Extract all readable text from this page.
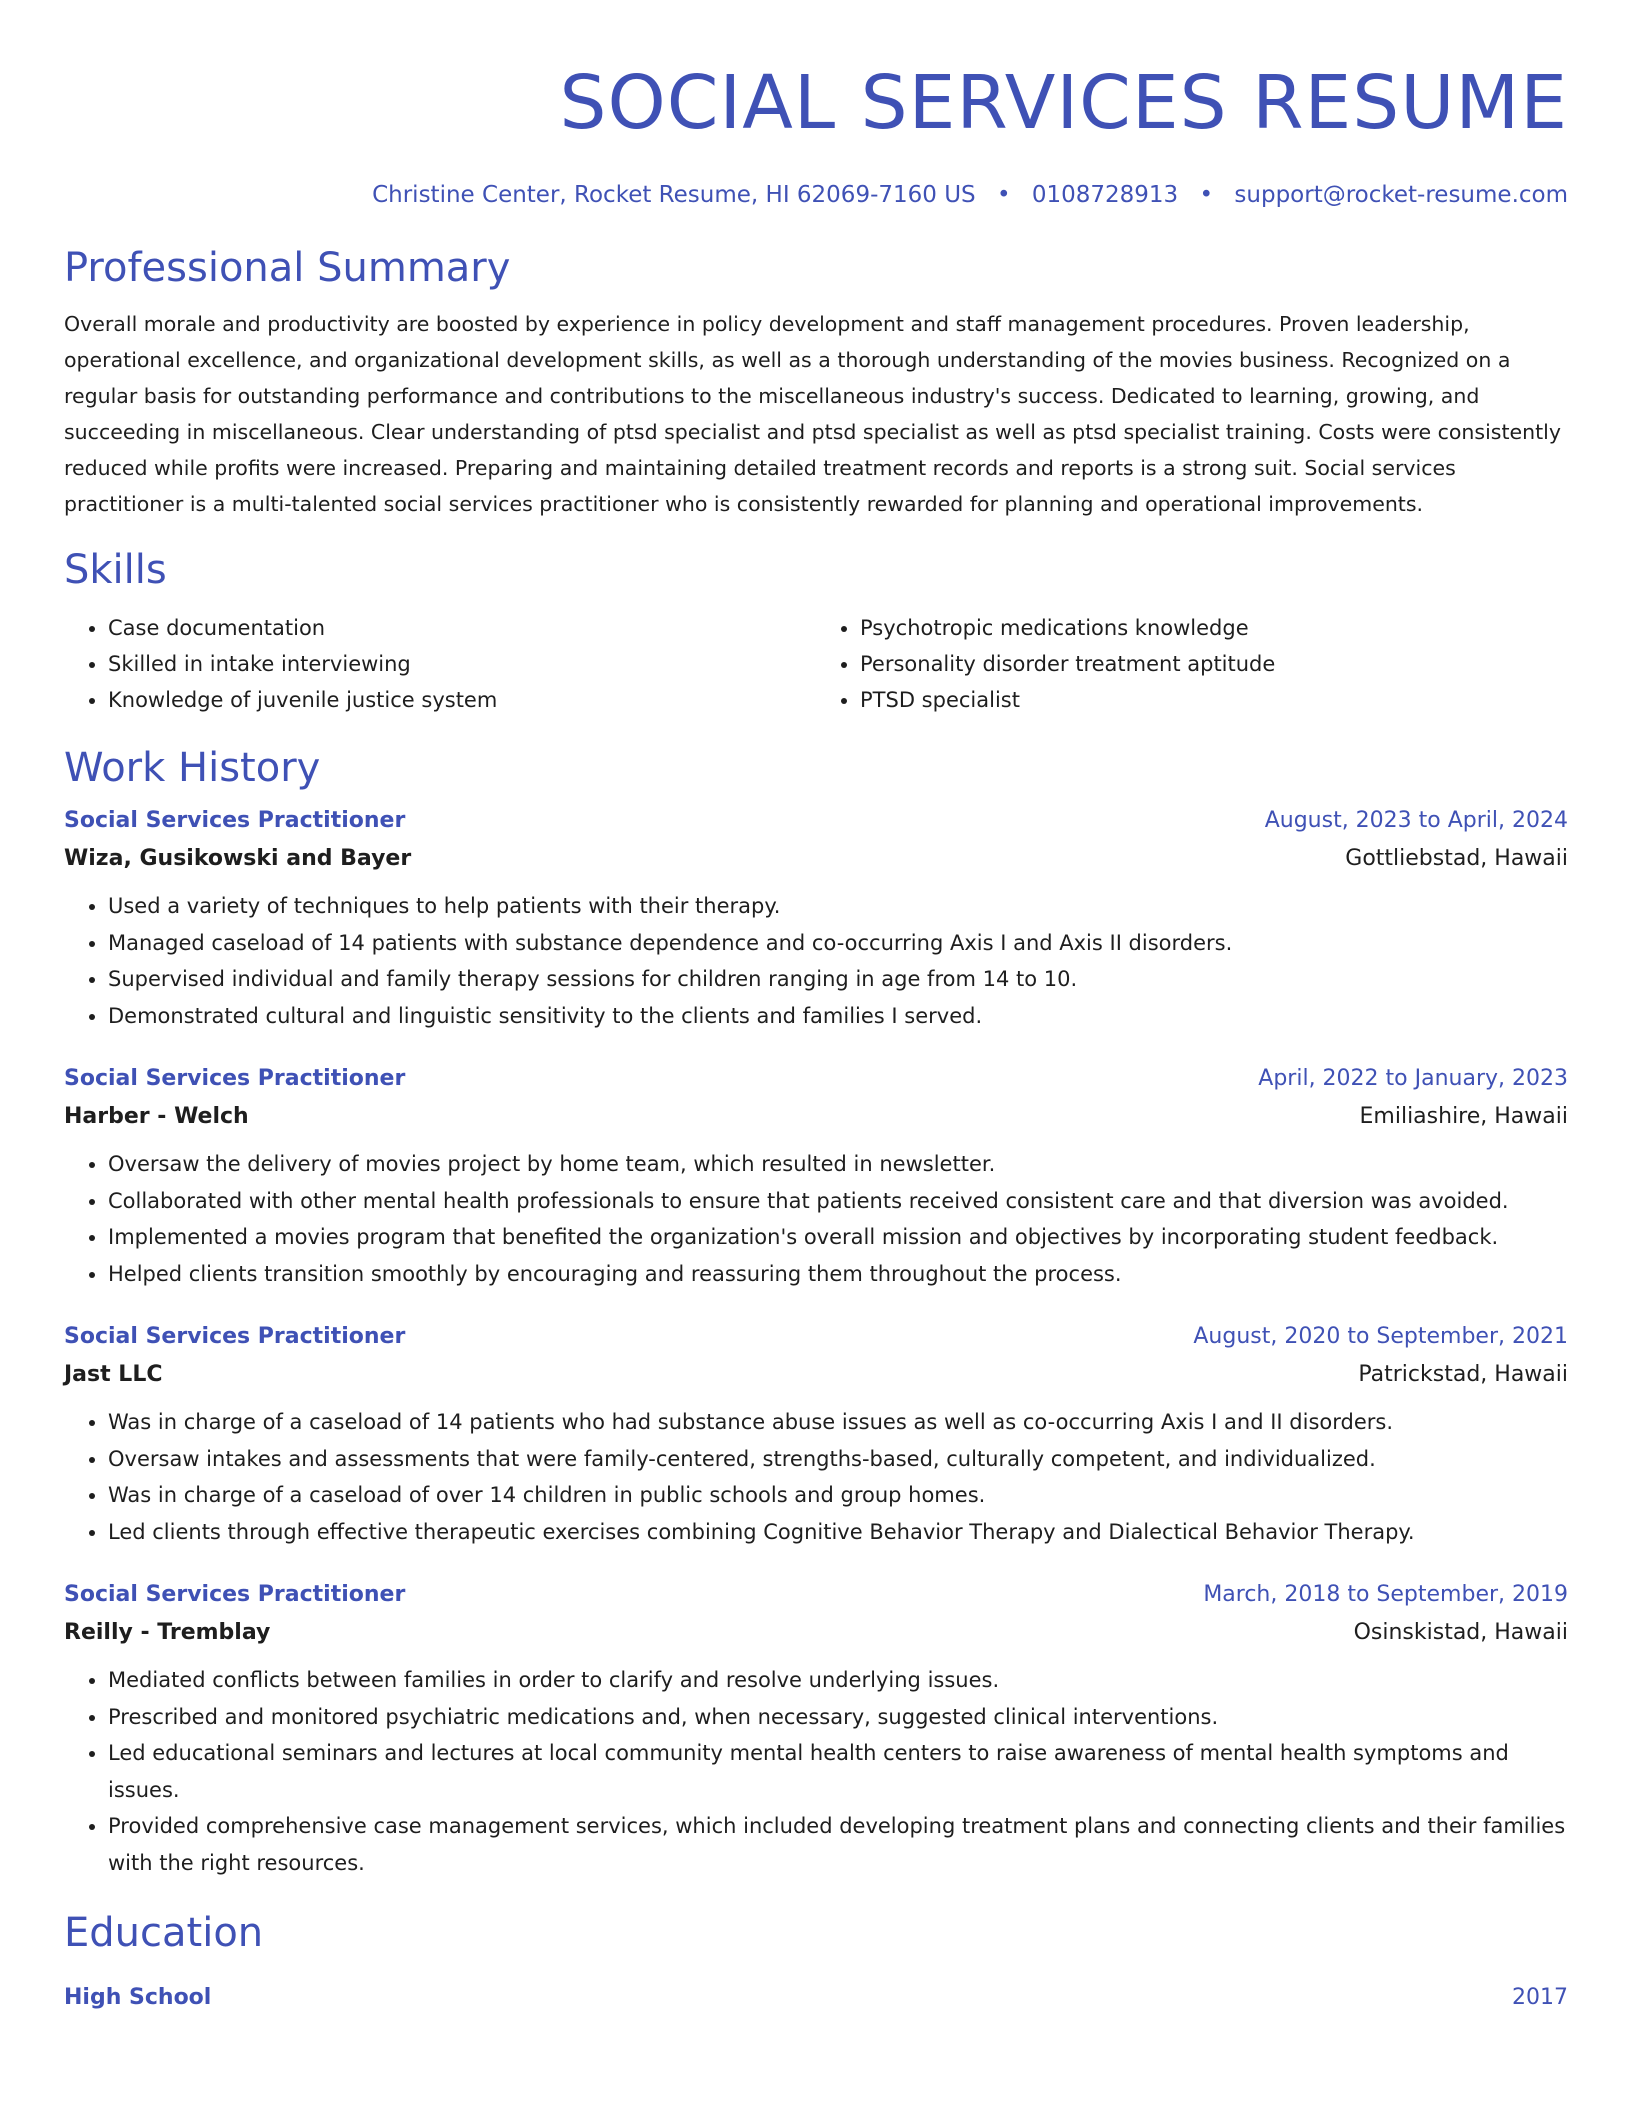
SOCIAL SERVICES RESUME
Christine Center, Rocket Resume, HI 62069-7160 US • 0108728913 • support@rocket-resume.com
Professional Summary

Overall morale and productivity are boosted by experience in policy development and staff management procedures. Proven leadership, operational excellence, and organizational development skills, as well as a thorough understanding of the movies business. Recognized on a regular basis for outstanding performance and contributions to the miscellaneous industry's success. Dedicated to learning, growing, and succeeding in miscellaneous. Clear understanding of ptsd specialist and ptsd specialist as well as ptsd specialist training. Costs were consistently reduced while profits were increased. Preparing and maintaining detailed treatment records and reports is a strong suit. Social services practitioner is a multi-talented social services practitioner who is consistently rewarded for planning and operational improvements.

Skills
• Case documentation
• Skilled in intake interviewing
• Knowledge of juvenile justice system
• Psychotropic medications knowledge
• Personality disorder treatment aptitude
• PTSD specialist
Work History
Social Services Practitioner	August, 2023 to April, 2024
Wiza, Gusikowski and Bayer	Gottliebstad, Hawaii
• Used a variety of techniques to help patients with their therapy.
• Managed caseload of 14 patients with substance dependence and co-occurring Axis I and Axis II disorders.
• Supervised individual and family therapy sessions for children ranging in age from 14 to 10.
• Demonstrated cultural and linguistic sensitivity to the clients and families I served.
Social Services Practitioner	April, 2022 to January, 2023
Harber - Welch	Emiliashire, Hawaii
• Oversaw the delivery of movies project by home team, which resulted in newsletter.
• Collaborated with other mental health professionals to ensure that patients received consistent care and that diversion was avoided.
• Implemented a movies program that benefited the organization's overall mission and objectives by incorporating student feedback.
• Helped clients transition smoothly by encouraging and reassuring them throughout the process.
Social Services Practitioner	August, 2020 to September, 2021
Jast LLC	Patrickstad, Hawaii
• Was in charge of a caseload of 14 patients who had substance abuse issues as well as co-occurring Axis I and II disorders.
• Oversaw intakes and assessments that were family-centered, strengths-based, culturally competent, and individualized.
• Was in charge of a caseload of over 14 children in public schools and group homes.
• Led clients through effective therapeutic exercises combining Cognitive Behavior Therapy and Dialectical Behavior Therapy.
Social Services Practitioner	March, 2018 to September, 2019
Reilly - Tremblay	Osinskistad, Hawaii
• Mediated conflicts between families in order to clarify and resolve underlying issues.
• Prescribed and monitored psychiatric medications and, when necessary, suggested clinical interventions.
• Led educational seminars and lectures at local community mental health centers to raise awareness of mental health symptoms and issues.
• Provided comprehensive case management services, which included developing treatment plans and connecting clients and their families with the right resources.
Education
High School	2017
